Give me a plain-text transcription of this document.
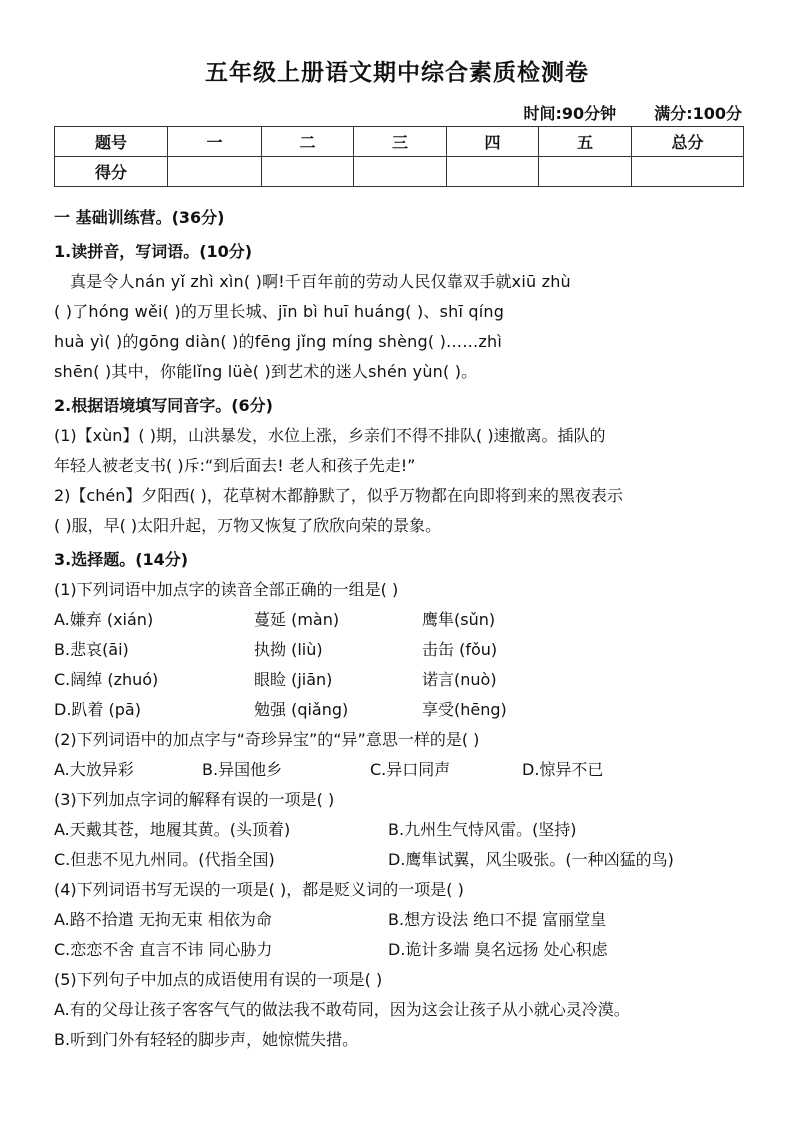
五年级上册语文期中综合素质检测卷
时间:90分钟 满分:100分
题号	一	二	三	四	五	总分
得分						
一 基础训练营。(36分)
1.读拼音，写词语。(10分)
真是令人nán yǐ zhì xìn( )啊!千百年前的劳动人民仅靠双手就xiū zhù
( )了hóng wěi( )的万里长城、jīn bì huī huáng( )、shī qíng
huà yì( )的gōng diàn( )的fēng jǐng míng shèng( )……zhì
shēn( )其中，你能lǐng lüè( )到艺术的迷人shén yùn( )。
2.根据语境填写同音字。(6分)
(1)【xùn】( )期，山洪暴发，水位上涨，乡亲们不得不排队( )速撤离。插队的
年轻人被老支书( )斥:“到后面去! 老人和孩子先走!”
2)【chén】夕阳西( )，花草树木都静默了，似乎万物都在向即将到来的黑夜表示
( )服，早( )太阳升起，万物又恢复了欣欣向荣的景象。
3.选择题。(14分)
(1)下列词语中加点字的读音全部正确的一组是( )
A.嫌弃 (xián)	蔓延 (màn)	鹰隼(sǔn)
B.悲哀(āi)	执拗 (liù)	击缶 (fǒu)
C.阔绰 (zhuó)	眼睑 (jiān)	诺言(nuò)
D.趴着 (pā)	勉强 (qiǎng)	享受(hēng)
(2)下列词语中的加点字与“奇珍异宝”的“异”意思一样的是( )
A.大放异彩	B.异国他乡	C.异口同声	D.惊异不已
(3)下列加点字词的解释有误的一项是( )
A.天戴其苍，地履其黄。(头顶着)	B.九州生气恃风雷。(坚持)
C.但悲不见九州同。(代指全国)	D.鹰隼试翼，风尘吸张。(一种凶猛的鸟)
(4)下列词语书写无误的一项是( )，都是贬义词的一项是( )
A.路不拾遣 无拘无束 相依为命	B.想方设法 绝口不提 富丽堂皇
C.恋恋不舍 直言不讳 同心胁力	D.诡计多端 臭名远扬 处心积虑
(5)下列句子中加点的成语使用有误的一项是( )
A.有的父母让孩子客客气气的做法我不敢苟同，因为这会让孩子从小就心灵冷漠。
B.听到门外有轻轻的脚步声，她惊慌失措。
